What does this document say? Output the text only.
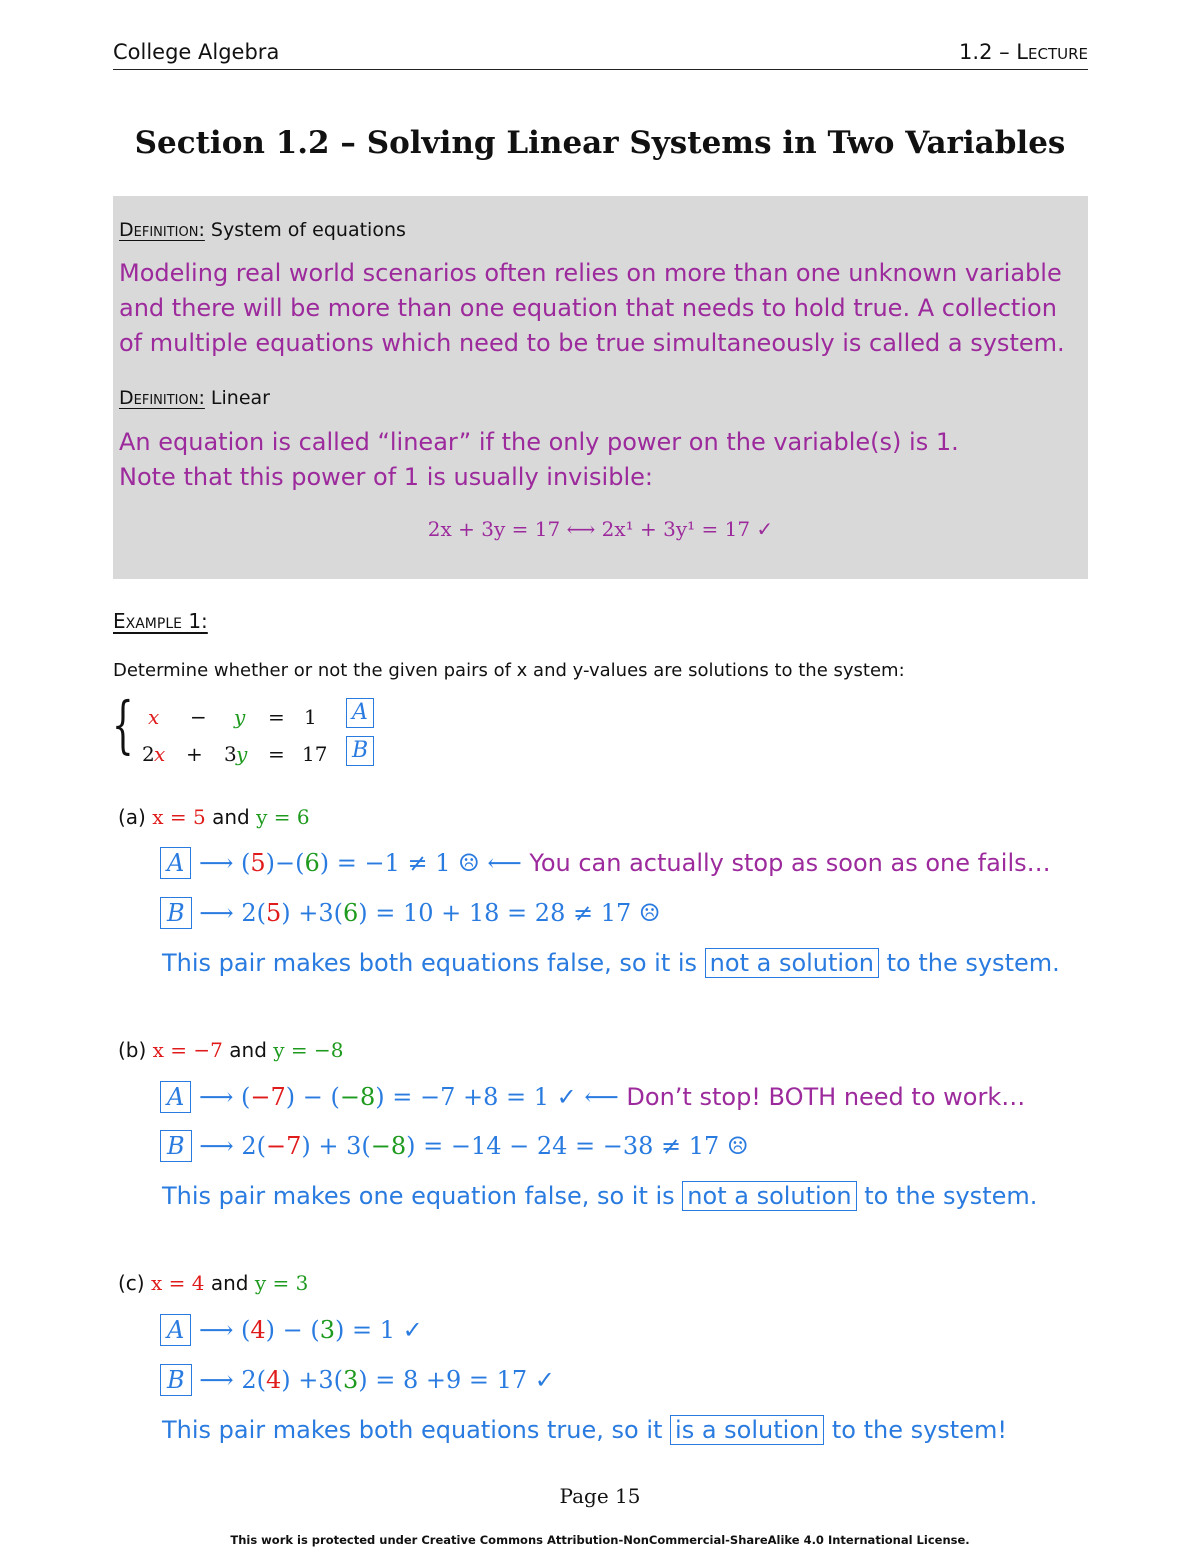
College Algebra	1.2 – Lecture
Section 1.2 – Solving Linear Systems in Two Variables
Definition: System of equations
Modeling real world scenarios often relies on more than one unknown variable and there will be more than one equation that needs to hold true. A collection of multiple equations which need to be true simultaneously is called a system.
Definition: Linear
An equation is called “linear” if the only power on the variable(s) is 1.
Note that this power of 1 is usually invisible:
2x + 3y = 17 ⟷ 2x¹ + 3y¹ = 17 ✓
Example 1:
Determine whether or not the given pairs of x and y-values are solutions to the system:
{ x − y = 1 A
2 x + 3 y = 17 B
(a) x = 5 and y = 6
A ⟶ (5)−(6) = −1 ≠ 1 ☹ ⟵ You can actually stop as soon as one fails…
B ⟶ 2(5) +3(6) = 10 + 18 = 28 ≠ 17 ☹
This pair makes both equations false, so it is not a solution to the system.
(b) x = −7 and y = −8
A ⟶ (−7) − (−8) = −7 +8 = 1 ✓ ⟵ Don’t stop! BOTH need to work…
B ⟶ 2(−7) + 3(−8) = −14 − 24 = −38 ≠ 17 ☹
This pair makes one equation false, so it is not a solution to the system.
(c) x = 4 and y = 3
A ⟶ (4) − (3) = 1 ✓
B ⟶ 2(4) +3(3) = 8 +9 = 17 ✓
This pair makes both equations true, so it is a solution to the system!
Page 15
This work is protected under Creative Commons Attribution-NonCommercial-ShareAlike 4.0 International License.
